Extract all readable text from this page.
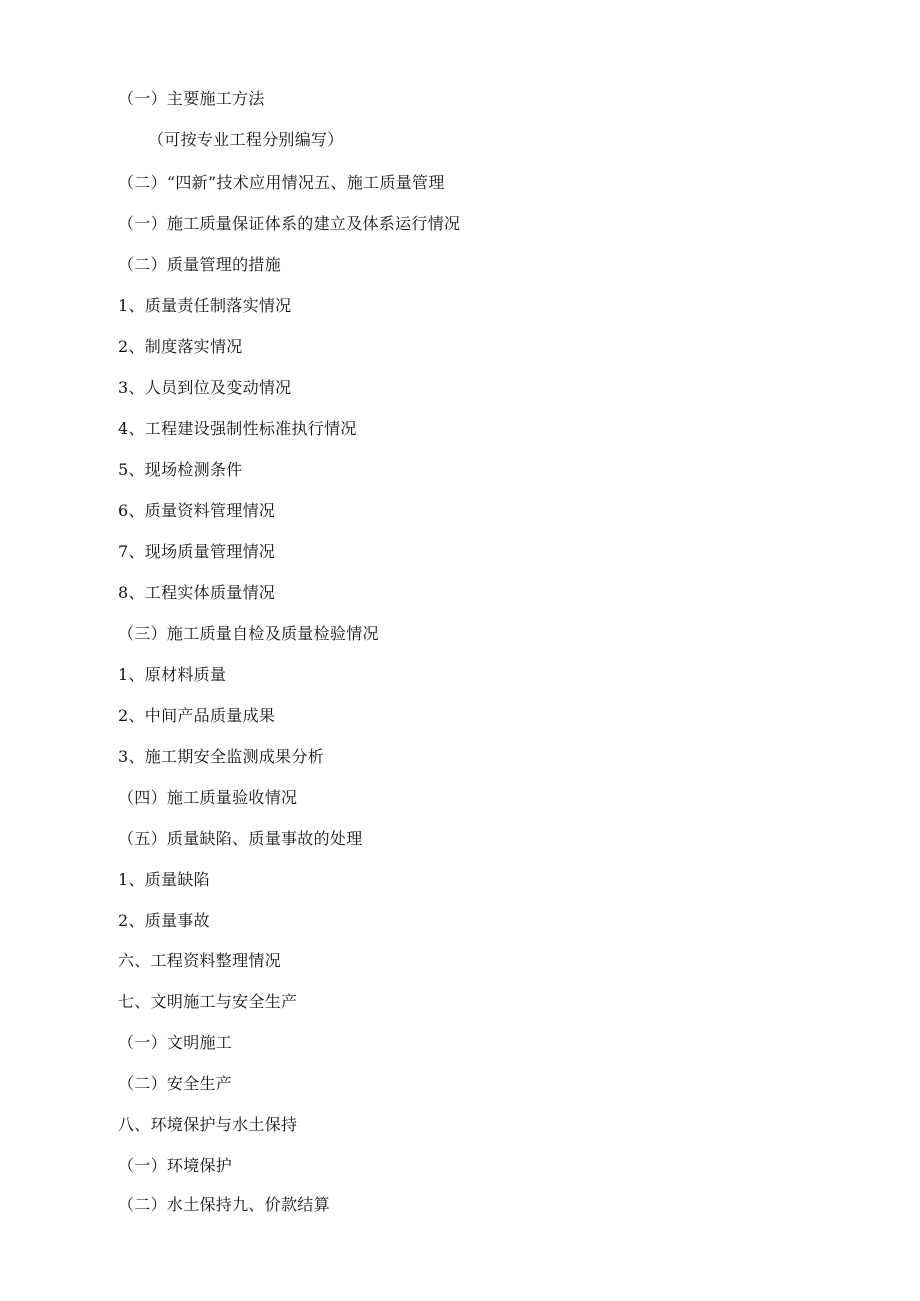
（一）主要施工方法
（可按专业工程分别编写）
（二）“四新”技术应用情况五、施工质量管理
（一）施工质量保证体系的建立及体系运行情况
（二）质量管理的措施
1、质量责任制落实情况
2、制度落实情况
3、人员到位及变动情况
4、工程建设强制性标准执行情况
5、现场检测条件
6、质量资料管理情况
7、现场质量管理情况
8、工程实体质量情况
（三）施工质量自检及质量检验情况
1、原材料质量
2、中间产品质量成果
3、施工期安全监测成果分析
（四）施工质量验收情况
（五）质量缺陷、质量事故的处理
1、质量缺陷
2、质量事故
六、工程资料整理情况
七、文明施工与安全生产
（一）文明施工
（二）安全生产
八、环境保护与水土保持
（一）环境保护
（二）水土保持九、价款结算
